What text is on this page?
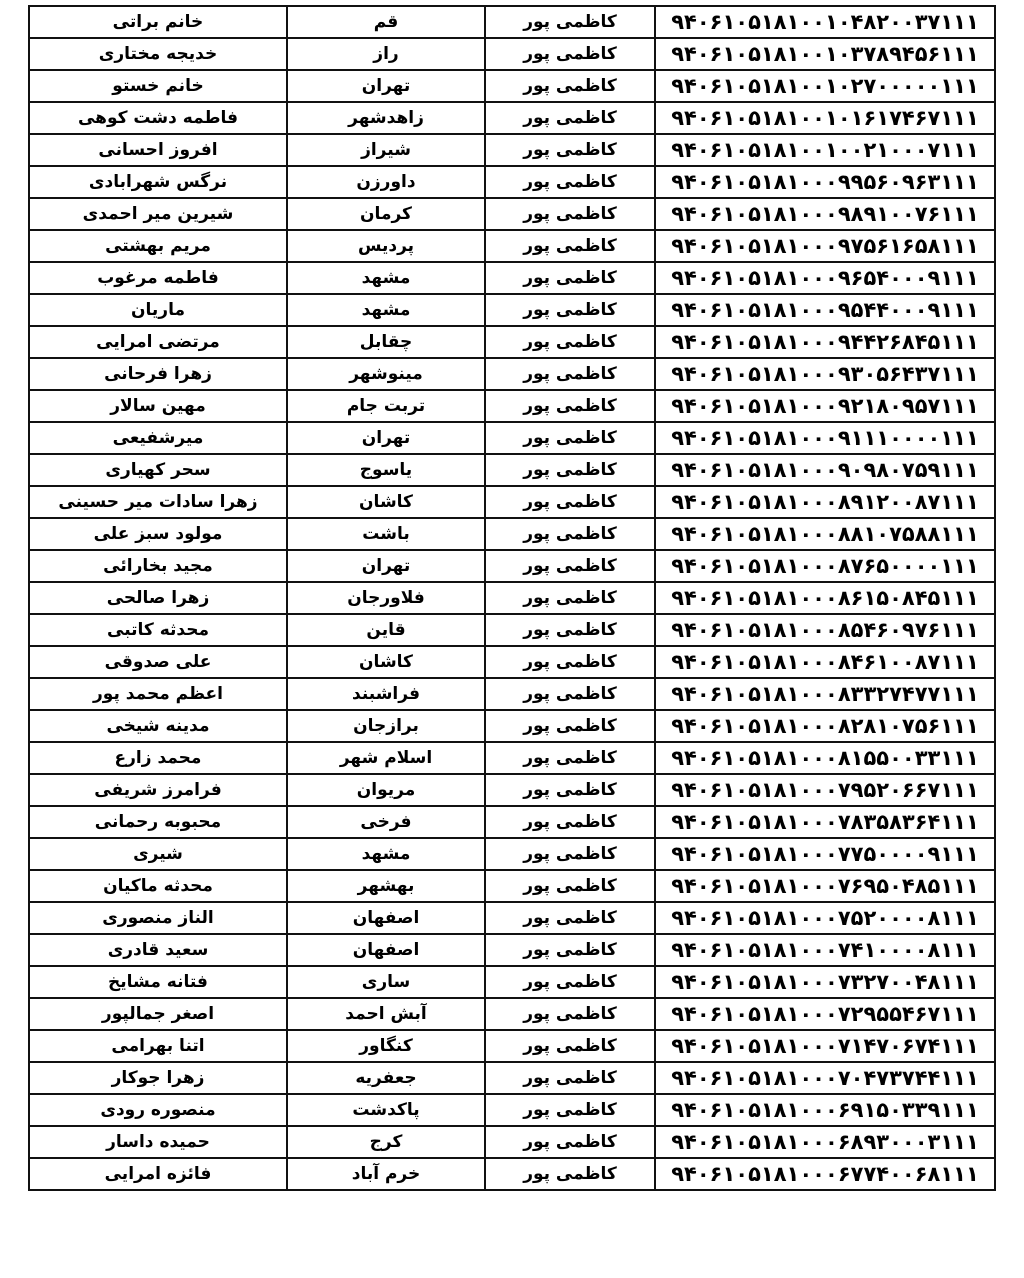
۹۴۰۶۱۰۵۱۸۱۰۰۱۰۴۸۲۰۰۳۷۱۱۱	کاظمی پور	قم	خانم براتی
۹۴۰۶۱۰۵۱۸۱۰۰۱۰۳۷۸۹۴۵۶۱۱۱	کاظمی پور	راز	خدیجه مختاری
۹۴۰۶۱۰۵۱۸۱۰۰۱۰۲۷۰۰۰۰۰۱۱۱	کاظمی پور	تهران	خانم خستو
۹۴۰۶۱۰۵۱۸۱۰۰۱۰۱۶۱۷۴۶۷۱۱۱	کاظمی پور	زاهدشهر	فاطمه دشت کوهی
۹۴۰۶۱۰۵۱۸۱۰۰۱۰۰۲۱۰۰۰۷۱۱۱	کاظمی پور	شیراز	افروز احسانی
۹۴۰۶۱۰۵۱۸۱۰۰۰۹۹۵۶۰۹۶۳۱۱۱	کاظمی پور	داورزن	نرگس شهرابادی
۹۴۰۶۱۰۵۱۸۱۰۰۰۹۸۹۱۰۰۷۶۱۱۱	کاظمی پور	کرمان	شیرین میر احمدی
۹۴۰۶۱۰۵۱۸۱۰۰۰۹۷۵۶۱۶۵۸۱۱۱	کاظمی پور	پردیس	مریم بهشتی
۹۴۰۶۱۰۵۱۸۱۰۰۰۹۶۵۴۰۰۰۹۱۱۱	کاظمی پور	مشهد	فاطمه مرغوب
۹۴۰۶۱۰۵۱۸۱۰۰۰۹۵۴۴۰۰۰۹۱۱۱	کاظمی پور	مشهد	ماریان
۹۴۰۶۱۰۵۱۸۱۰۰۰۹۴۴۲۶۸۴۵۱۱۱	کاظمی پور	چقابل	مرتضی امرایی
۹۴۰۶۱۰۵۱۸۱۰۰۰۹۳۰۵۶۴۳۷۱۱۱	کاظمی پور	مینوشهر	زهرا فرحانی
۹۴۰۶۱۰۵۱۸۱۰۰۰۹۲۱۸۰۹۵۷۱۱۱	کاظمی پور	تربت جام	مهین سالار
۹۴۰۶۱۰۵۱۸۱۰۰۰۹۱۱۱۰۰۰۰۱۱۱	کاظمی پور	تهران	میرشفیعی
۹۴۰۶۱۰۵۱۸۱۰۰۰۹۰۹۸۰۷۵۹۱۱۱	کاظمی پور	یاسوج	سحر کهیاری
۹۴۰۶۱۰۵۱۸۱۰۰۰۸۹۱۲۰۰۸۷۱۱۱	کاظمی پور	کاشان	زهرا سادات میر حسینی
۹۴۰۶۱۰۵۱۸۱۰۰۰۸۸۱۰۷۵۸۸۱۱۱	کاظمی پور	باشت	مولود سبز علی
۹۴۰۶۱۰۵۱۸۱۰۰۰۸۷۶۵۰۰۰۰۱۱۱	کاظمی پور	تهران	مجید بخارائی
۹۴۰۶۱۰۵۱۸۱۰۰۰۸۶۱۵۰۸۴۵۱۱۱	کاظمی پور	فلاورجان	زهرا صالحی
۹۴۰۶۱۰۵۱۸۱۰۰۰۸۵۴۶۰۹۷۶۱۱۱	کاظمی پور	قاین	محدثه کاتبی
۹۴۰۶۱۰۵۱۸۱۰۰۰۸۴۶۱۰۰۸۷۱۱۱	کاظمی پور	کاشان	علی صدوقی
۹۴۰۶۱۰۵۱۸۱۰۰۰۸۳۳۲۷۴۷۷۱۱۱	کاظمی پور	فراشبند	اعظم محمد پور
۹۴۰۶۱۰۵۱۸۱۰۰۰۸۲۸۱۰۷۵۶۱۱۱	کاظمی پور	برازجان	مدینه شیخی
۹۴۰۶۱۰۵۱۸۱۰۰۰۸۱۵۵۰۰۳۳۱۱۱	کاظمی پور	اسلام شهر	محمد زارع
۹۴۰۶۱۰۵۱۸۱۰۰۰۷۹۵۲۰۶۶۷۱۱۱	کاظمی پور	مریوان	فرامرز شریفی
۹۴۰۶۱۰۵۱۸۱۰۰۰۷۸۳۵۸۳۶۴۱۱۱	کاظمی پور	فرخی	محبوبه رحمانی
۹۴۰۶۱۰۵۱۸۱۰۰۰۷۷۵۰۰۰۰۹۱۱۱	کاظمی پور	مشهد	شیری
۹۴۰۶۱۰۵۱۸۱۰۰۰۷۶۹۵۰۴۸۵۱۱۱	کاظمی پور	بهشهر	محدثه ماکیان
۹۴۰۶۱۰۵۱۸۱۰۰۰۷۵۲۰۰۰۰۸۱۱۱	کاظمی پور	اصفهان	الناز منصوری
۹۴۰۶۱۰۵۱۸۱۰۰۰۷۴۱۰۰۰۰۸۱۱۱	کاظمی پور	اصفهان	سعید قادری
۹۴۰۶۱۰۵۱۸۱۰۰۰۷۳۲۷۰۰۴۸۱۱۱	کاظمی پور	ساری	فتانه مشایخ
۹۴۰۶۱۰۵۱۸۱۰۰۰۷۲۹۵۵۴۶۷۱۱۱	کاظمی پور	آبش احمد	اصغر جمالپور
۹۴۰۶۱۰۵۱۸۱۰۰۰۷۱۴۷۰۶۷۴۱۱۱	کاظمی پور	کنگاور	اتنا بهرامی
۹۴۰۶۱۰۵۱۸۱۰۰۰۷۰۴۷۳۷۴۴۱۱۱	کاظمی پور	جعفریه	زهرا جوکار
۹۴۰۶۱۰۵۱۸۱۰۰۰۶۹۱۵۰۳۳۹۱۱۱	کاظمی پور	پاکدشت	منصوره رودی
۹۴۰۶۱۰۵۱۸۱۰۰۰۶۸۹۳۰۰۰۳۱۱۱	کاظمی پور	کرج	حمیده داسار
۹۴۰۶۱۰۵۱۸۱۰۰۰۶۷۷۴۰۰۶۸۱۱۱	کاظمی پور	خرم آباد	فائزه امرایی
